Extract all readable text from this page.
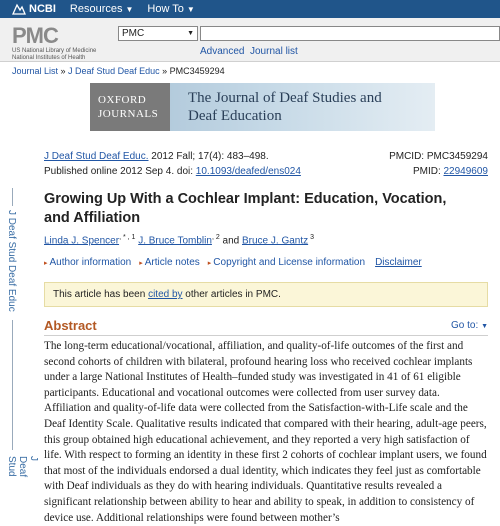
NCBI Resources ▼ How To ▼
PMC
US National Library of Medicine
National Institutes of Health
PMC	▼
Advanced Journal list
Journal List » J Deaf Stud Deaf Educ » PMC3459294
OXFORD
JOURNALS
The Journal of Deaf Studies and
Deaf Education
J Deaf Stud Deaf Educ
J Deaf Stud
J Deaf Stud Deaf Educ. 2012 Fall; 17(4): 483–498.
Published online 2012 Sep 4. doi: 10.1093/deafed/ens024
PMCID: PMC3459294
PMID: 22949609
Growing Up With a Cochlear Implant: Education, Vocation, and Affiliation
Linda J. Spencer$^{, * , 1}$ J. Bruce Tomblin$^{, 2}$ and Bruce J. Gantz $^3$
▸ Author information ▸ Article notes ▸ Copyright and License information Disclaimer
This article has been cited by other articles in PMC.
Abstract	Go to: ▼
The long-term educational/vocational, affiliation, and quality-of-life outcomes of the first and second cohorts of children with bilateral, profound hearing loss who received cochlear implants under a large National Institutes of Health–funded study was investigated in 41 of 61 eligible participants. Educational and vocational outcomes were collected from user survey data. Affiliation and quality-of-life data were collected from the Satisfaction-with-Life scale and the Deaf Identity Scale. Qualitative results indicated that compared with their hearing, adult-age peers, this group obtained high educational achievement, and they reported a very high satisfaction of life. With respect to forming an identity in these first 2 cohorts of cochlear implant users, we found that most of the individuals endorsed a dual identity, which indicates they feel just as comfortable with Deaf individuals as they do with hearing individuals. Quantitative results revealed a significant relationship between ability to hear and ability to speak, in addition to consistency of device use. Additional relationships were found between mother’s
